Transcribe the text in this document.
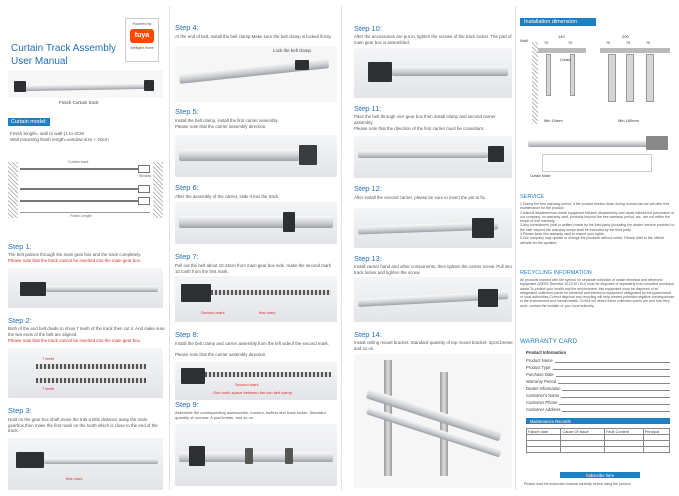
Powered by
tuya
Intelligent Home
Curtain Track Assembly
User Manual
Finish Curtain track
Curtain model:
Finish length= wall to wall-(1 to 4CM
Wall mounting finish length=window size + 20cm
Curtain track
Window
Finish Length
Step 1:
The belt passes through the main gear box and the track completely.
Please note that the track cannot be inserted into the main gear box.
Step 2:
Both of the end belt divide to show 7 teeth of the track then cut it. And make sure the two ends of the belt are aligned.
Please note that the track cannot be inserted into the main gear box.
7 teeth
7 teeth
Step 3:
Hold on the gear box shaft,move the trak a little distance away the main gearbox,then make the first mark on the tooth which is close to the end of the track.
first mark
Step 4:
At the end of belt, install the belt clamp.Make sure the belt clamp is locked firmly.
Lock the belt clamp
Step 5:
Install the belt clamp, install the first carrier assembly.
Please note that the carrier assembly direction.
Step 6:
After the assembly of the carrier, slide it into the track.
Step 7:
Pull out the belt about 10-15cm from main gear box side, make the second mark 10 tooth from the first mark.
Second mark	first mark
Step 8:
Install the belt clamp and carrier assembly,from the left sideof the second mark.
Please note that the carrier assembly direction.
Second mark
One tooth space between the two belt clamp
Step 9:
Assemble the corresponding accessories, runners, buffers and track locker. Standard quantity of runners: 8 pcs/1meter, and so on.
Step 10:
After the accessories are put in, tighten the screws of the track locker. The part of main gear box is assembled.
Step 11:
Pass the belt through vice gear box then install clamp and second carrier assembly.
Please note that the direction of the first carrier must be consistant.
Step 12:
After install the second carrier, please be sure to insert the pin to fix.
Step 13:
Install carrier hand and other components, then tighten the carrier screw. Pull into track locker and tighten the screw.
Step 14:
Install ceiling mount bracket. Standard quantity of top mount bracket: 2pcs/1meter, and so on.
Installation dimension
Wall
140
70	70
Curtain
Min 10mm
200
70	70	70
Min 180mm
Curtain Motor
SERVICE
1.During the free warranty period, if the product breaks down during normal use,we will offer free maintenance for the product.
2.Natural disasters/man-made equipment failures, disassembly and repair without the permission of our company, no warranty card, products beyond the free warranty period, etc., are not within the scope of free warranty.
3.Any commitment (oral or written) made by the third party (including the dealer/ service provider) to the user beyond the warranty scope shall be executed by the third party.
4.Please keep this warranty card to ensure your rights.
5.Our company may update or change the products without notice. Please refer to the official website for the updates.
RECYCLING INFORMATION
All products marked with the symbol for separate collection of waste electrical and electronic equipment (WEEE Directive 2012/19 / EU) must be disposed of separately from unsorted municipal waste.To protect your health and the environment, this equipment must be disposed of at designated collection points for electrical and electronic equipment designated by the government or local authorities.Correct disposal and recycling will help prevent potential negative consequences to the environment and human health. To find out where these collection points are and how they work, contact the installer or your local authority.
WARRANTY CARD
Product Information
Product Name
Product Type
Purchase Date
Warranty Period
Dealer Information
Customer's Name
Customer Phone
Customer Address
Maintenance Records
Failure date	Cause Of Issue	Fault Content	Principal

Subscribe here
Please read the instruction manual carefully before using the product
